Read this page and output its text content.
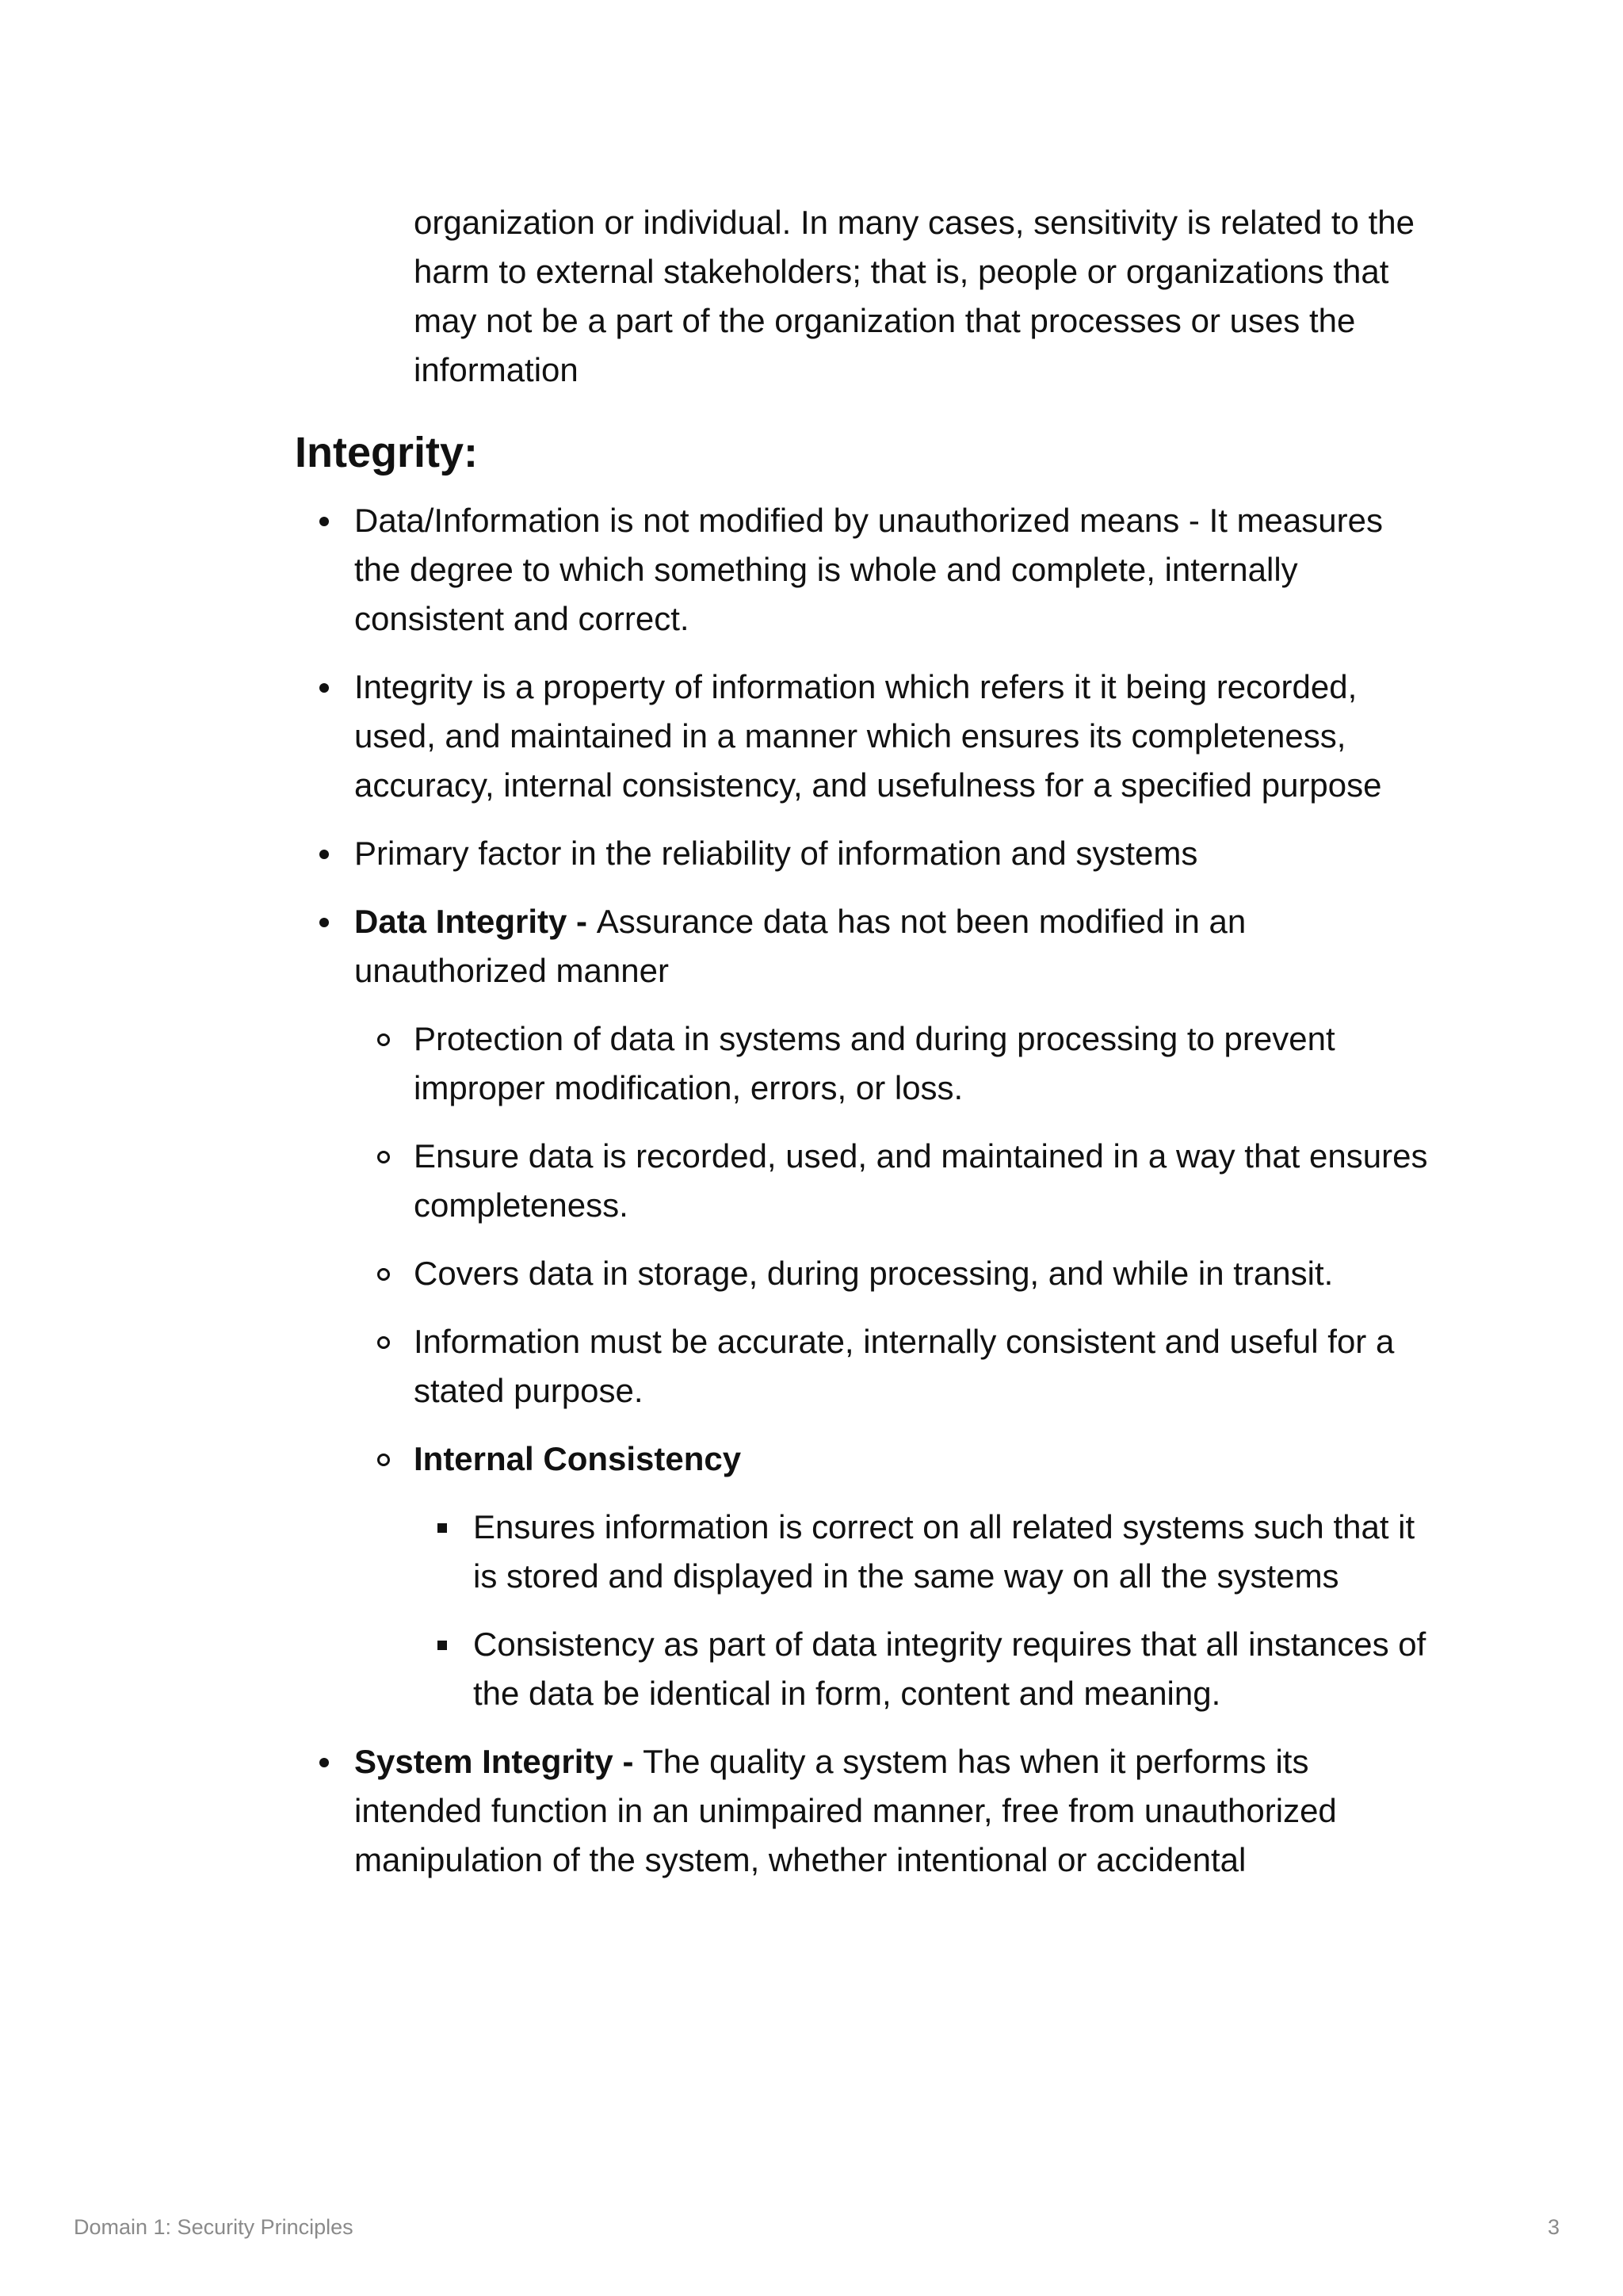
organization or individual. In many cases, sensitivity is related to the harm to external stakeholders; that is, people or organizations that may not be a part of the organization that processes or uses the information

Integrity:

Data/Information is not modified by unauthorized means - It measures the degree to which something is whole and complete, internally consistent and correct.

Integrity is a property of information which refers it it being recorded, used, and maintained in a manner which ensures its completeness, accuracy, internal consistency, and usefulness for a specified purpose

Primary factor in the reliability of information and systems

Data Integrity - Assurance data has not been modified in an unauthorized manner

Protection of data in systems and during processing to prevent improper modification, errors, or loss.

Ensure data is recorded, used, and maintained in a way that ensures completeness.

Covers data in storage, during processing, and while in transit.

Information must be accurate, internally consistent and useful for a stated purpose.

Internal Consistency

Ensures information is correct on all related systems such that it is stored and displayed in the same way on all the systems

Consistency as part of data integrity requires that all instances of the data be identical in form, content and meaning.

System Integrity - The quality a system has when it performs its intended function in an unimpaired manner, free from unauthorized manipulation of the system, whether intentional or accidental

Domain 1: Security Principles	3
